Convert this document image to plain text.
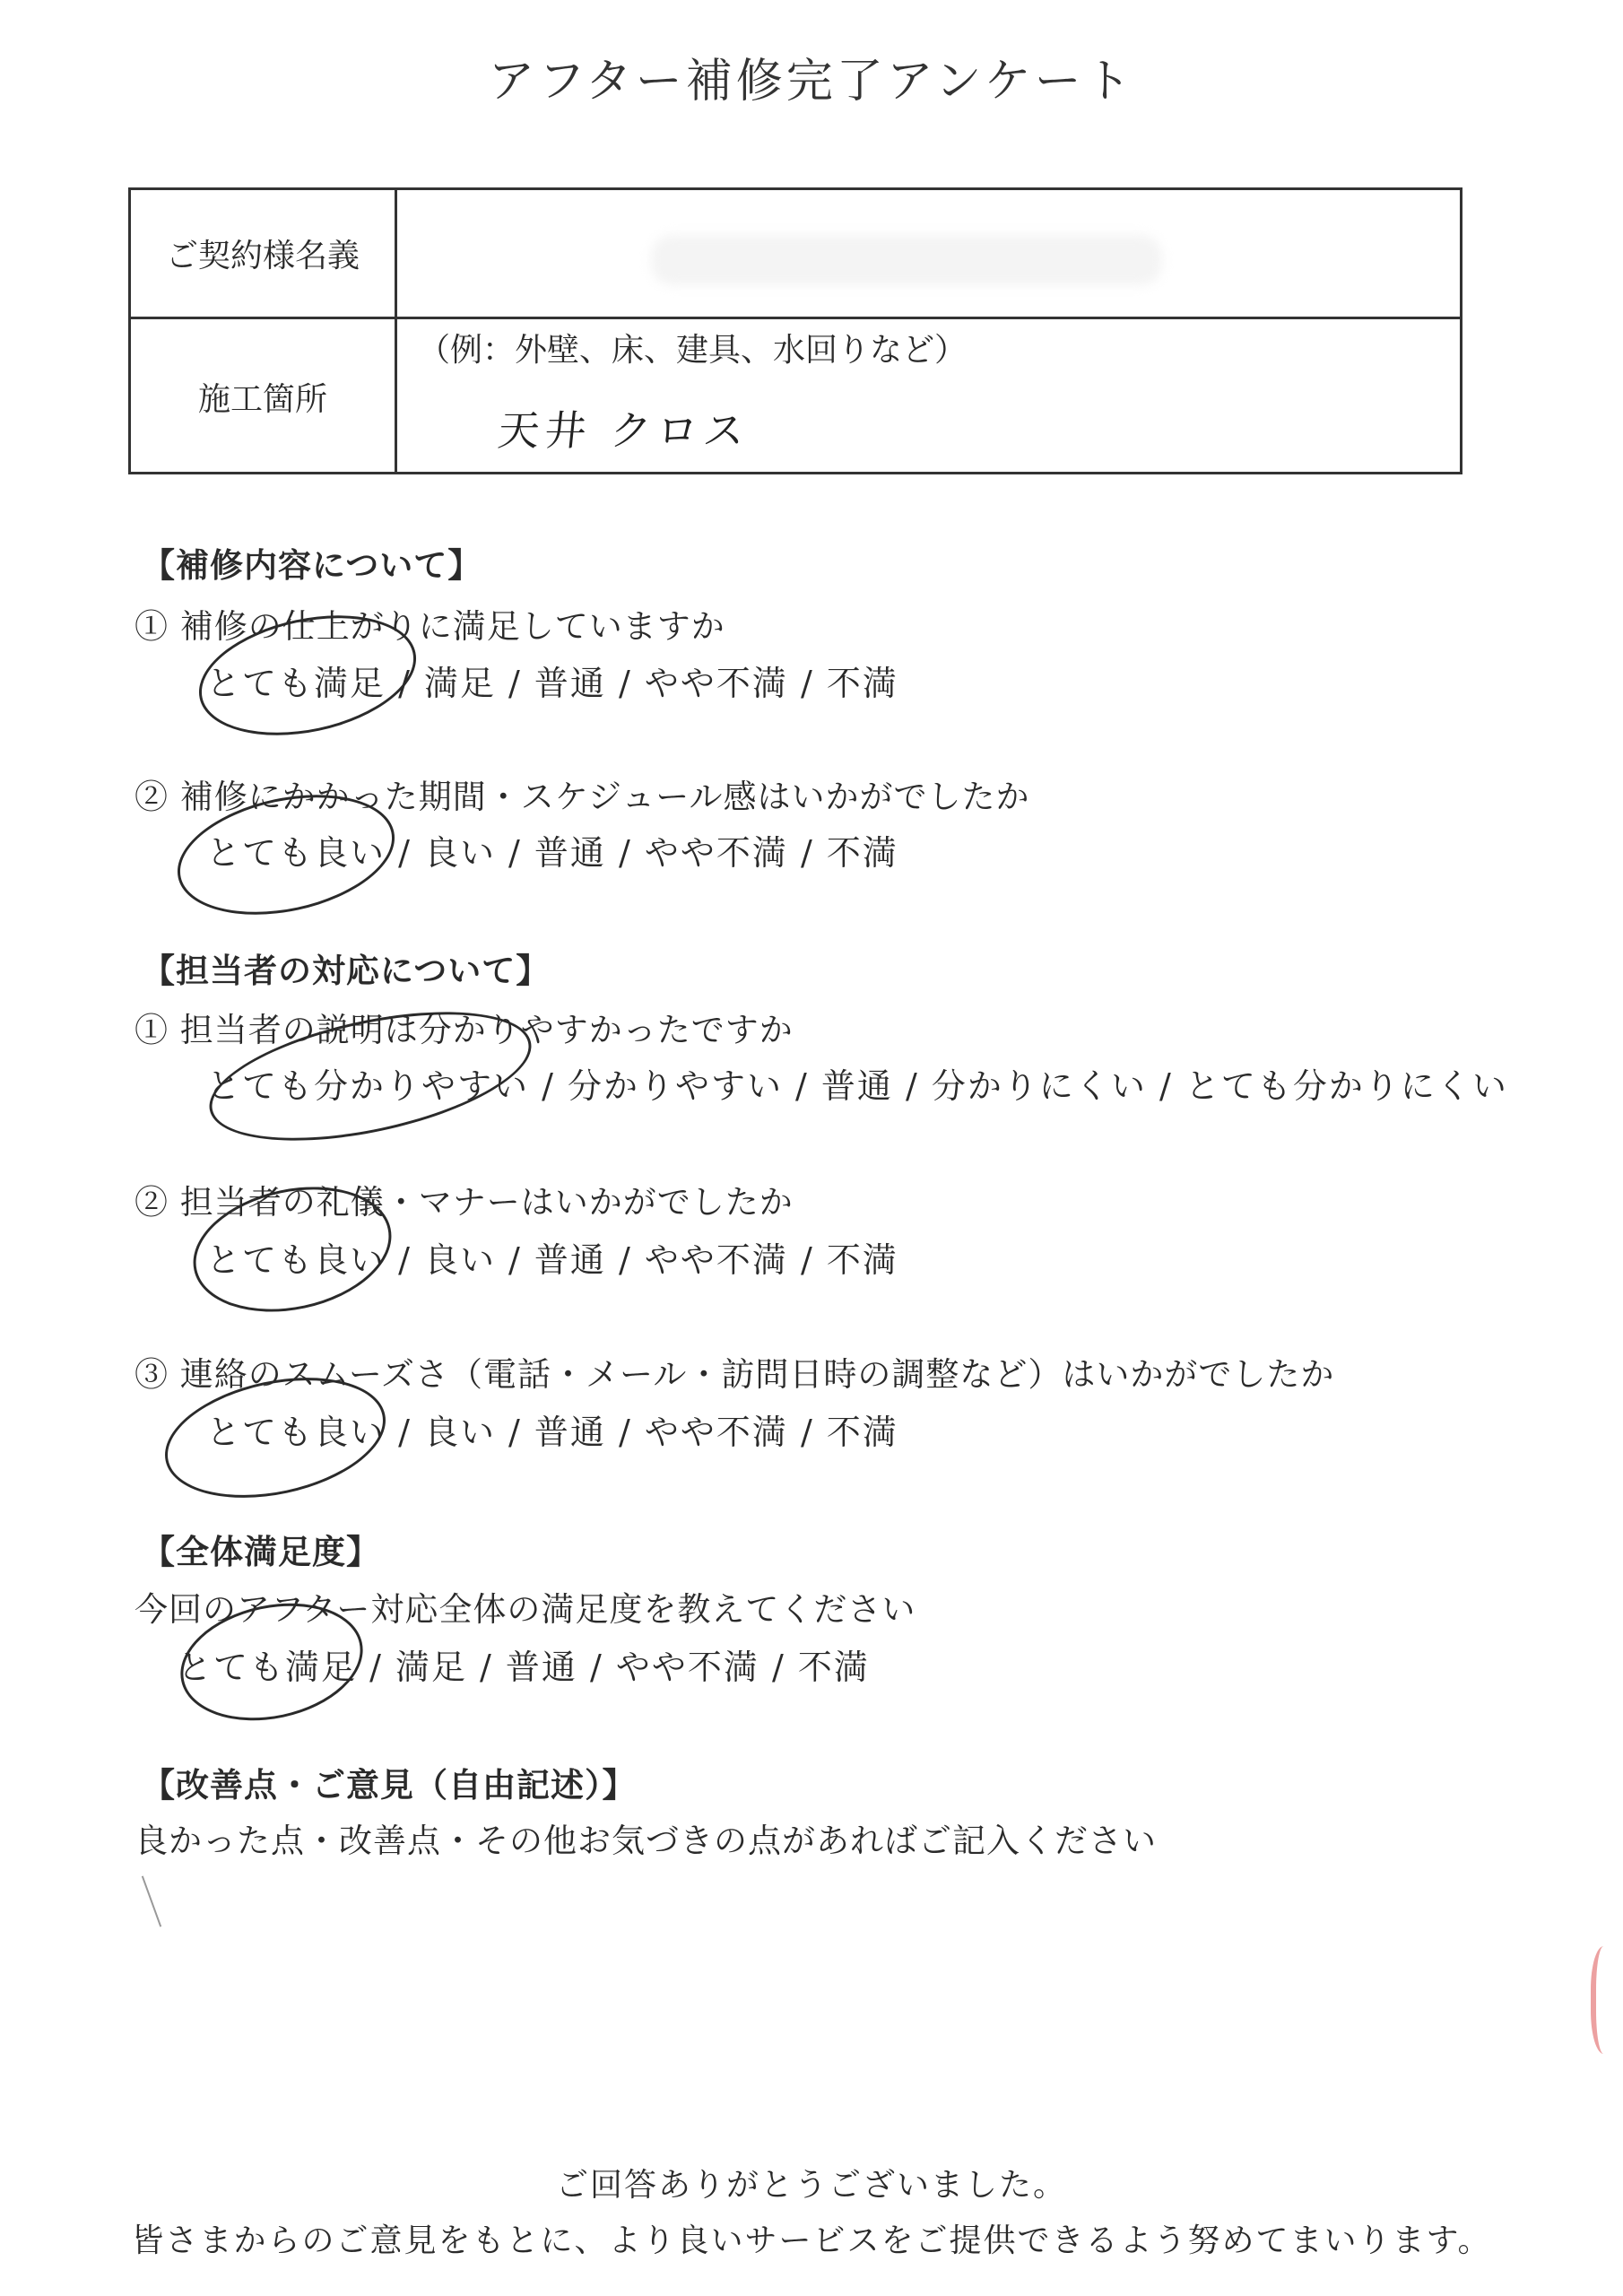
アフター補修完了アンケート
ご契約様名義
施工箇所
（例：外壁、床、建具、水回りなど）
天井 クロス
【補修内容について】
① 補修の仕上がりに満足していますか
とても満足 / 満足 / 普通 / やや不満 / 不満
② 補修にかかった期間・スケジュール感はいかがでしたか
とても良い / 良い / 普通 / やや不満 / 不満
【担当者の対応について】
① 担当者の説明は分かりやすかったですか
とても分かりやすい / 分かりやすい / 普通 / 分かりにくい / とても分かりにくい
② 担当者の礼儀・マナーはいかがでしたか
とても良い / 良い / 普通 / やや不満 / 不満
③ 連絡のスムーズさ（電話・メール・訪問日時の調整など）はいかがでしたか
とても良い / 良い / 普通 / やや不満 / 不満
【全体満足度】
今回のアフター対応全体の満足度を教えてください
とても満足 / 満足 / 普通 / やや不満 / 不満
【改善点・ご意見（自由記述）】
良かった点・改善点・その他お気づきの点があればご記入ください
ご回答ありがとうございました。
皆さまからのご意見をもとに、より良いサービスをご提供できるよう努めてまいります。
